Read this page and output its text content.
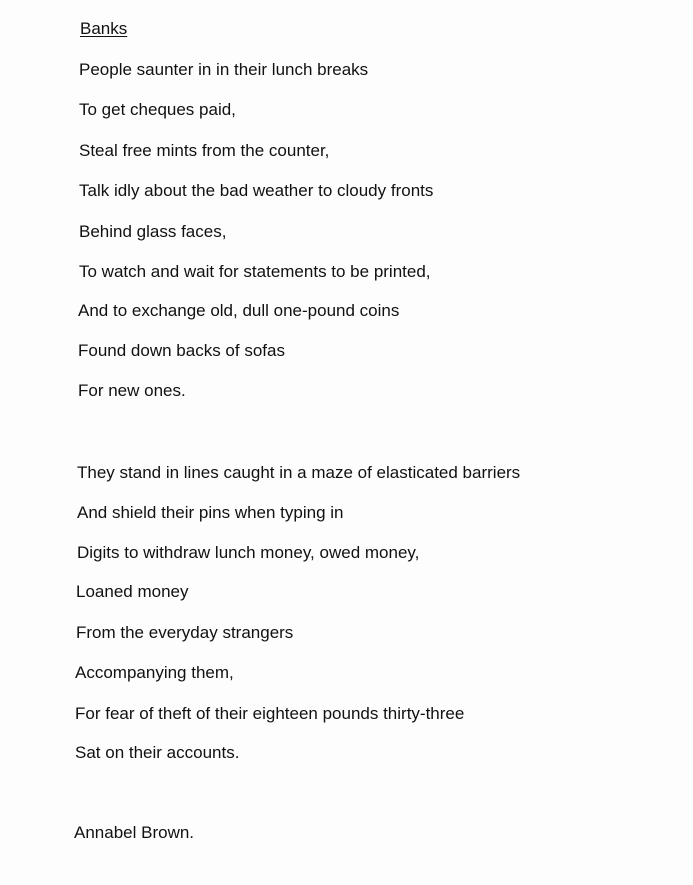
Banks
People saunter in in their lunch breaks
To get cheques paid,
Steal free mints from the counter,
Talk idly about the bad weather to cloudy fronts
Behind glass faces,
To watch and wait for statements to be printed,
And to exchange old, dull one-pound coins
Found down backs of sofas
For new ones.
They stand in lines caught in a maze of elasticated barriers
And shield their pins when typing in
Digits to withdraw lunch money, owed money,
Loaned money
From the everyday strangers
Accompanying them,
For fear of theft of their eighteen pounds thirty-three
Sat on their accounts.
Annabel Brown.
